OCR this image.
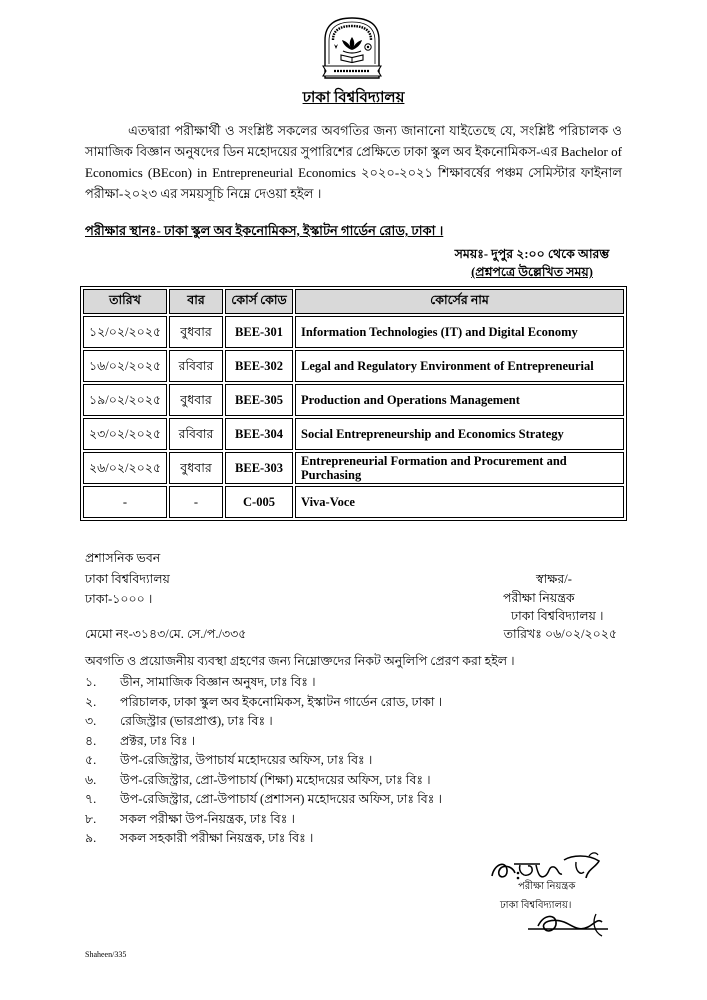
ঢাকা বিশ্ববিদ্যালয়

এতদ্বারা পরীক্ষার্থী ও সংশ্লিষ্ট সকলের অবগতির জন্য জানানো যাইতেছে যে, সংশ্লিষ্ট পরিচালক ও সামাজিক বিজ্ঞান অনুষদের ডিন মহোদয়ের সুপারিশের প্রেক্ষিতে ঢাকা স্কুল অব ইকনোমিকস-এর Bachelor of Economics (BEcon) in Entrepreneurial Economics ২০২০-২০২১ শিক্ষাবর্ষের পঞ্চম সেমিস্টার ফাইনাল পরীক্ষা-২০২৩ এর সময়সূচি নিম্নে দেওয়া হইল ।

পরীক্ষার স্থানঃ- ঢাকা স্কুল অব ইকনোমিকস, ইস্কাটন গার্ডেন রোড, ঢাকা ।
সময়ঃ- দুপুর ২:০০ থেকে আরম্ভ
(প্রশ্নপত্রে উল্লেখিত সময়)
তারিখ	বার	কোর্স কোড	কোর্সের নাম
১২/০২/২০২৫	বুধবার	BEE-301	Information Technologies (IT) and Digital Economy
১৬/০২/২০২৫	রবিবার	BEE-302	Legal and Regulatory Environment of Entrepreneurial
১৯/০২/২০২৫	বুধবার	BEE-305	Production and Operations Management
২৩/০২/২০২৫	রবিবার	BEE-304	Social Entrepreneurship and Economics Strategy
২৬/০২/২০২৫	বুধবার	BEE-303	Entrepreneurial Formation and Procurement and Purchasing
-	-	C-005	Viva-Voce
প্রশাসনিক ভবন
ঢাকা বিশ্ববিদ্যালয়
ঢাকা-১০০০ ।
স্বাক্ষর/-
পরীক্ষা নিয়ন্ত্রক
ঢাকা বিশ্ববিদ্যালয় ।
মেমো নং-৩১৪৩/মে. সে./প./৩৩৫	তারিখঃ ০৬/০২/২০২৫
অবগতি ও প্রয়োজনীয় ব্যবস্থা গ্রহণের জন্য নিম্নোক্তদের নিকট অনুলিপি প্রেরণ করা হইল ।
১.	ডীন, সামাজিক বিজ্ঞান অনুষদ, ঢাঃ বিঃ ।
২.	পরিচালক, ঢাকা স্কুল অব ইকনোমিকস, ইস্কাটন গার্ডেন রোড, ঢাকা ।
৩.	রেজিস্ট্রার (ভারপ্রাপ্ত), ঢাঃ বিঃ ।
৪.	প্রক্টর, ঢাঃ বিঃ ।
৫.	উপ-রেজিস্ট্রার, উপাচার্য মহোদয়ের অফিস, ঢাঃ বিঃ ।
৬.	উপ-রেজিস্ট্রার, প্রো-উপাচার্য (শিক্ষা) মহোদয়ের অফিস, ঢাঃ বিঃ ।
৭.	উপ-রেজিস্ট্রার, প্রো-উপাচার্য (প্রশাসন) মহোদয়ের অফিস, ঢাঃ বিঃ ।
৮.	সকল পরীক্ষা উপ-নিয়ন্ত্রক, ঢাঃ বিঃ ।
৯.	সকল সহকারী পরীক্ষা নিয়ন্ত্রক, ঢাঃ বিঃ ।
পরীক্ষা নিয়ন্ত্রক
ঢাকা বিশ্ববিদ্যালয়।
Shaheen/335
